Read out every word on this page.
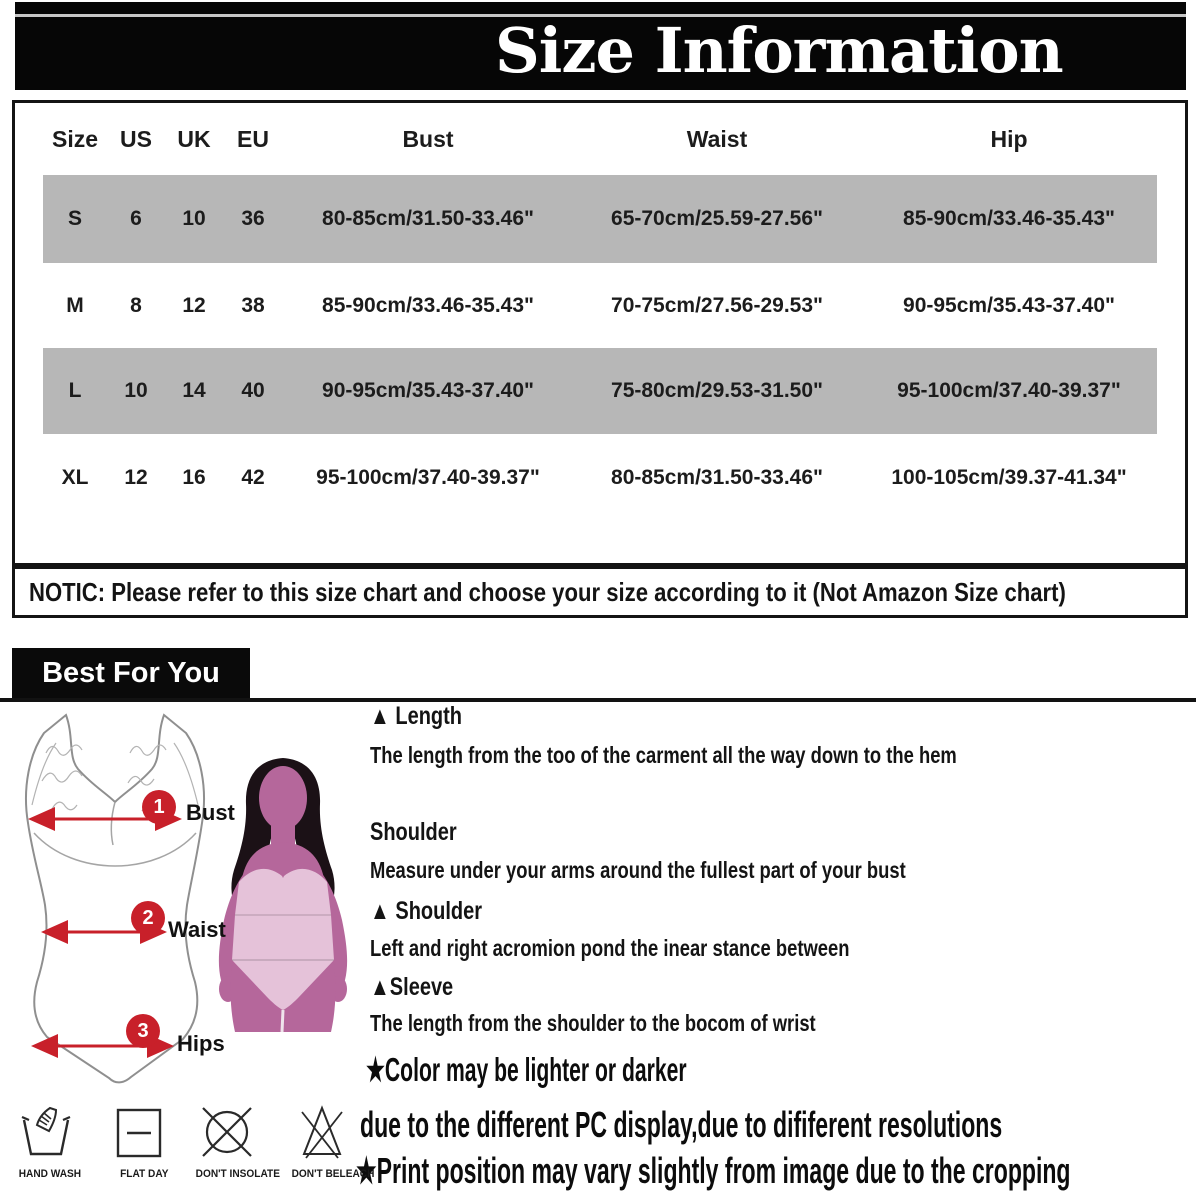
Size Information
Size US	UK	EU	Bust	Waist	Hip
S	6	10	36	80-85cm/31.50-33.46"	65-70cm/25.59-27.56"	85-90cm/33.46-35.43"
M	8	12	38	85-90cm/33.46-35.43"	70-75cm/27.56-29.53"	90-95cm/35.43-37.40"
L	10	14	40	90-95cm/35.43-37.40"	75-80cm/29.53-31.50"	95-100cm/37.40-39.37"
XL	12	16	42	95-100cm/37.40-39.37"	80-85cm/31.50-33.46"	100-105cm/39.37-41.34"
NOTIC: Please refer to this size chart and choose your size according to it (Not Amazon Size chart)
Best For You
1 Bust
2 Waist
3
Hips
▲ Length
The length from the too of the carment all the way down to the hem
Shoulder
Measure under your arms around the fullest part of your bust
▲ Shoulder
Left and right acromion pond the inear stance between
▲Sleeve
The length from the shoulder to the bocom of wrist
★Color may be lighter or darker
due to the different PC display,due to dififerent resolutions
★Print position may vary slightly from image due to the cropping
HAND WASH	FLAT DAY DON'T INSOLATE DON'T BELEACH
